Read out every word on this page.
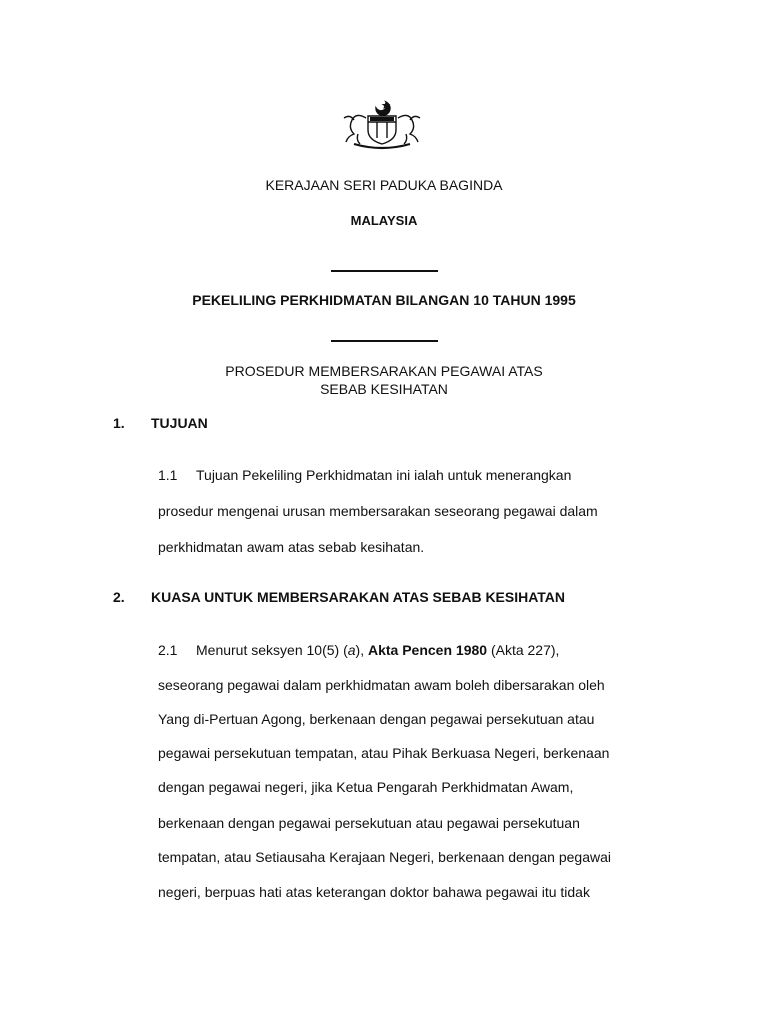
KERAJAAN SERI PADUKA BAGINDA
MALAYSIA
PEKELILING PERKHIDMATAN BILANGAN 10 TAHUN 1995
PROSEDUR MEMBERSARAKAN PEGAWAI ATAS
SEBAB KESIHATAN
1. TUJUAN
1.1 Tujuan Pekeliling Perkhidmatan ini ialah untuk menerangkan
prosedur mengenai urusan membersarakan seseorang pegawai dalam
perkhidmatan awam atas sebab kesihatan.
2. KUASA UNTUK MEMBERSARAKAN ATAS SEBAB KESIHATAN
2.1 Menurut seksyen 10(5) (a), Akta Pencen 1980 (Akta 227),
seseorang pegawai dalam perkhidmatan awam boleh dibersarakan oleh
Yang di-Pertuan Agong, berkenaan dengan pegawai persekutuan atau
pegawai persekutuan tempatan, atau Pihak Berkuasa Negeri, berkenaan
dengan pegawai negeri, jika Ketua Pengarah Perkhidmatan Awam,
berkenaan dengan pegawai persekutuan atau pegawai persekutuan
tempatan, atau Setiausaha Kerajaan Negeri, berkenaan dengan pegawai
negeri, berpuas hati atas keterangan doktor bahawa pegawai itu tidak
